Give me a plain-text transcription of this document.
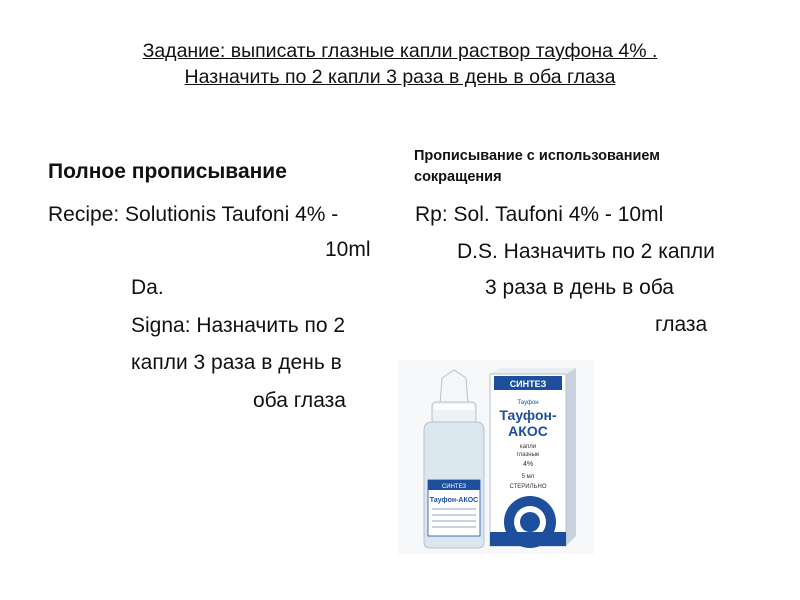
Задание: выписать глазные капли раствор тауфона 4% .
Назначить по 2 капли 3 раза в день в оба глаза
Полное прописывание
Прописывание с использованием
сокращения
Recipe: Solutionis Taufoni 4% -
10ml
Da.
Signa: Назначить по 2
капли 3 раза в день в
оба глаза
Rp: Sol. Taufoni 4% - 10ml
D.S. Назначить по 2 капли
3 раза в день в оба
глаза
СИНТЕЗ
Тауфон
Тауфон-
АКОС
капли
глазные
4%
5 мл
СТЕРИЛЬНО
СИНТЕЗ
Тауфон-АКОС
